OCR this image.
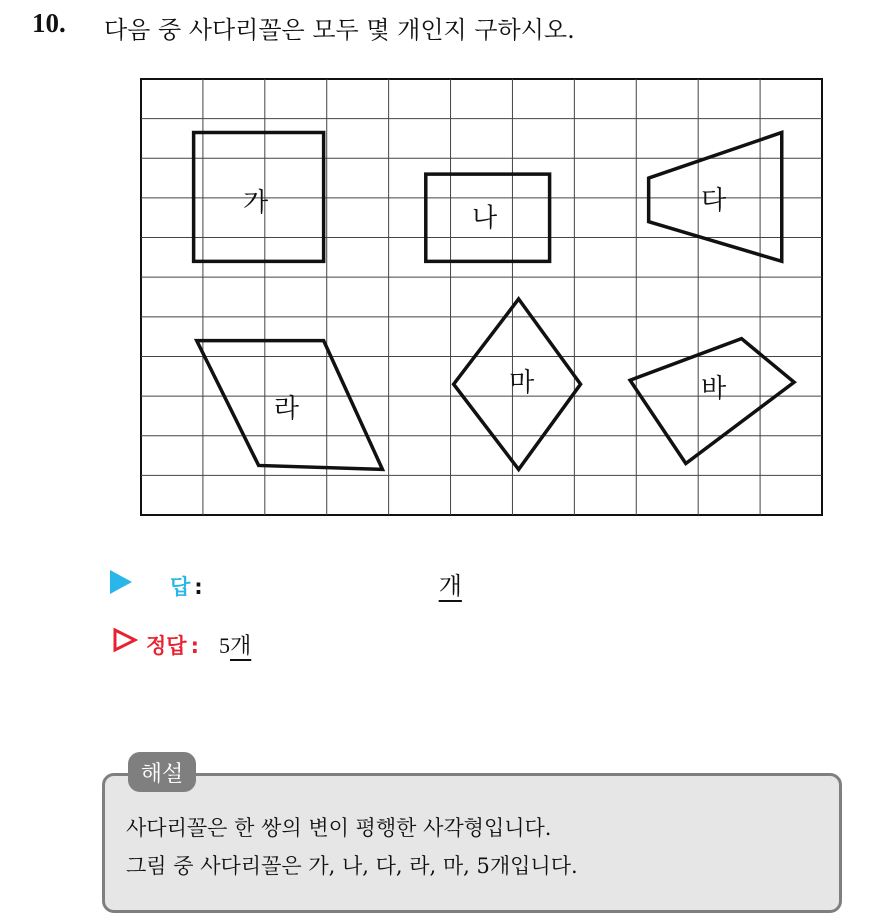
10. 다음 중 사다리꼴은 모두 몇 개인지 구하시오.
가
나
다
라
마	바
답 :	개
정답 : 5 개
해설
사다리꼴은 한 쌍의 변이 평행한 사각형입니다.
그림 중 사다리꼴은 가, 나, 다, 라, 마, 5개입니다.
